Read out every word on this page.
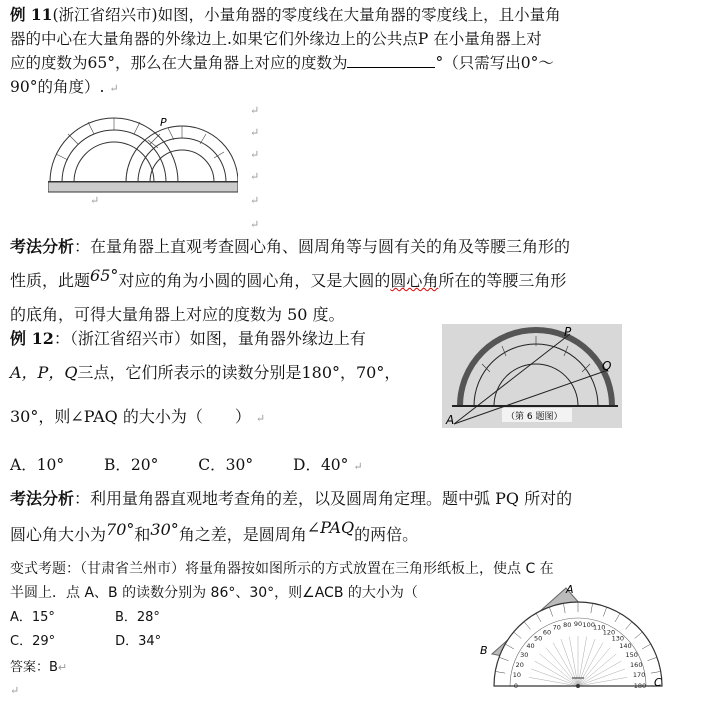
例 11(浙江省绍兴市)如图，小量角器的零度线在大量角器的零度线上，且小量角
器的中心在大量角器的外缘边上.如果它们外缘边上的公共点P 在小量角器上对
应的度数为65°，那么在大量角器上对应的度数为	°（只需写出0°～
90°的角度）. ↵
P
↵
↵
↵
↵
↵
↵
↵
考法分析：在量角器上直观考查圆心角、圆周角等与圆有关的角及等腰三角形的
性质，此题65°对应的角为小圆的圆心角，又是大圆的圆心角所在的等腰三角形
的底角，可得大量角器上对应的度数为 50 度。
例 12：（浙江省绍兴市）如图，量角器外缘边上有
A，P，Q三点，它们所表示的读数分别是180°，70°，
30°，则∠PAQ 的大小为（　　） ↵
P
Q
A	（第 6 题图）
A．10°	B．20°	C．30°	D．40° ↵
考法分析：利用量角器直观地考查角的差，以及圆周角定理。题中弧 PQ 所对的
圆心角大小为70°和30°角之差，是圆周角∠PAQ的两倍。
变式考题：（甘肃省兰州市）将量角器按如图所示的方式放置在三角形纸板上，使点 C 在
半圆上．点 A、B 的读数分别为 86°、30°，则∠ACB 的大小为（
A．15°	B．28°
C．29°	D．34°
答案：B↵
↵	0
10
20
30
40
50
60
70 80 90 100
110
120
130
140
150
160
170
180
A
B
C
